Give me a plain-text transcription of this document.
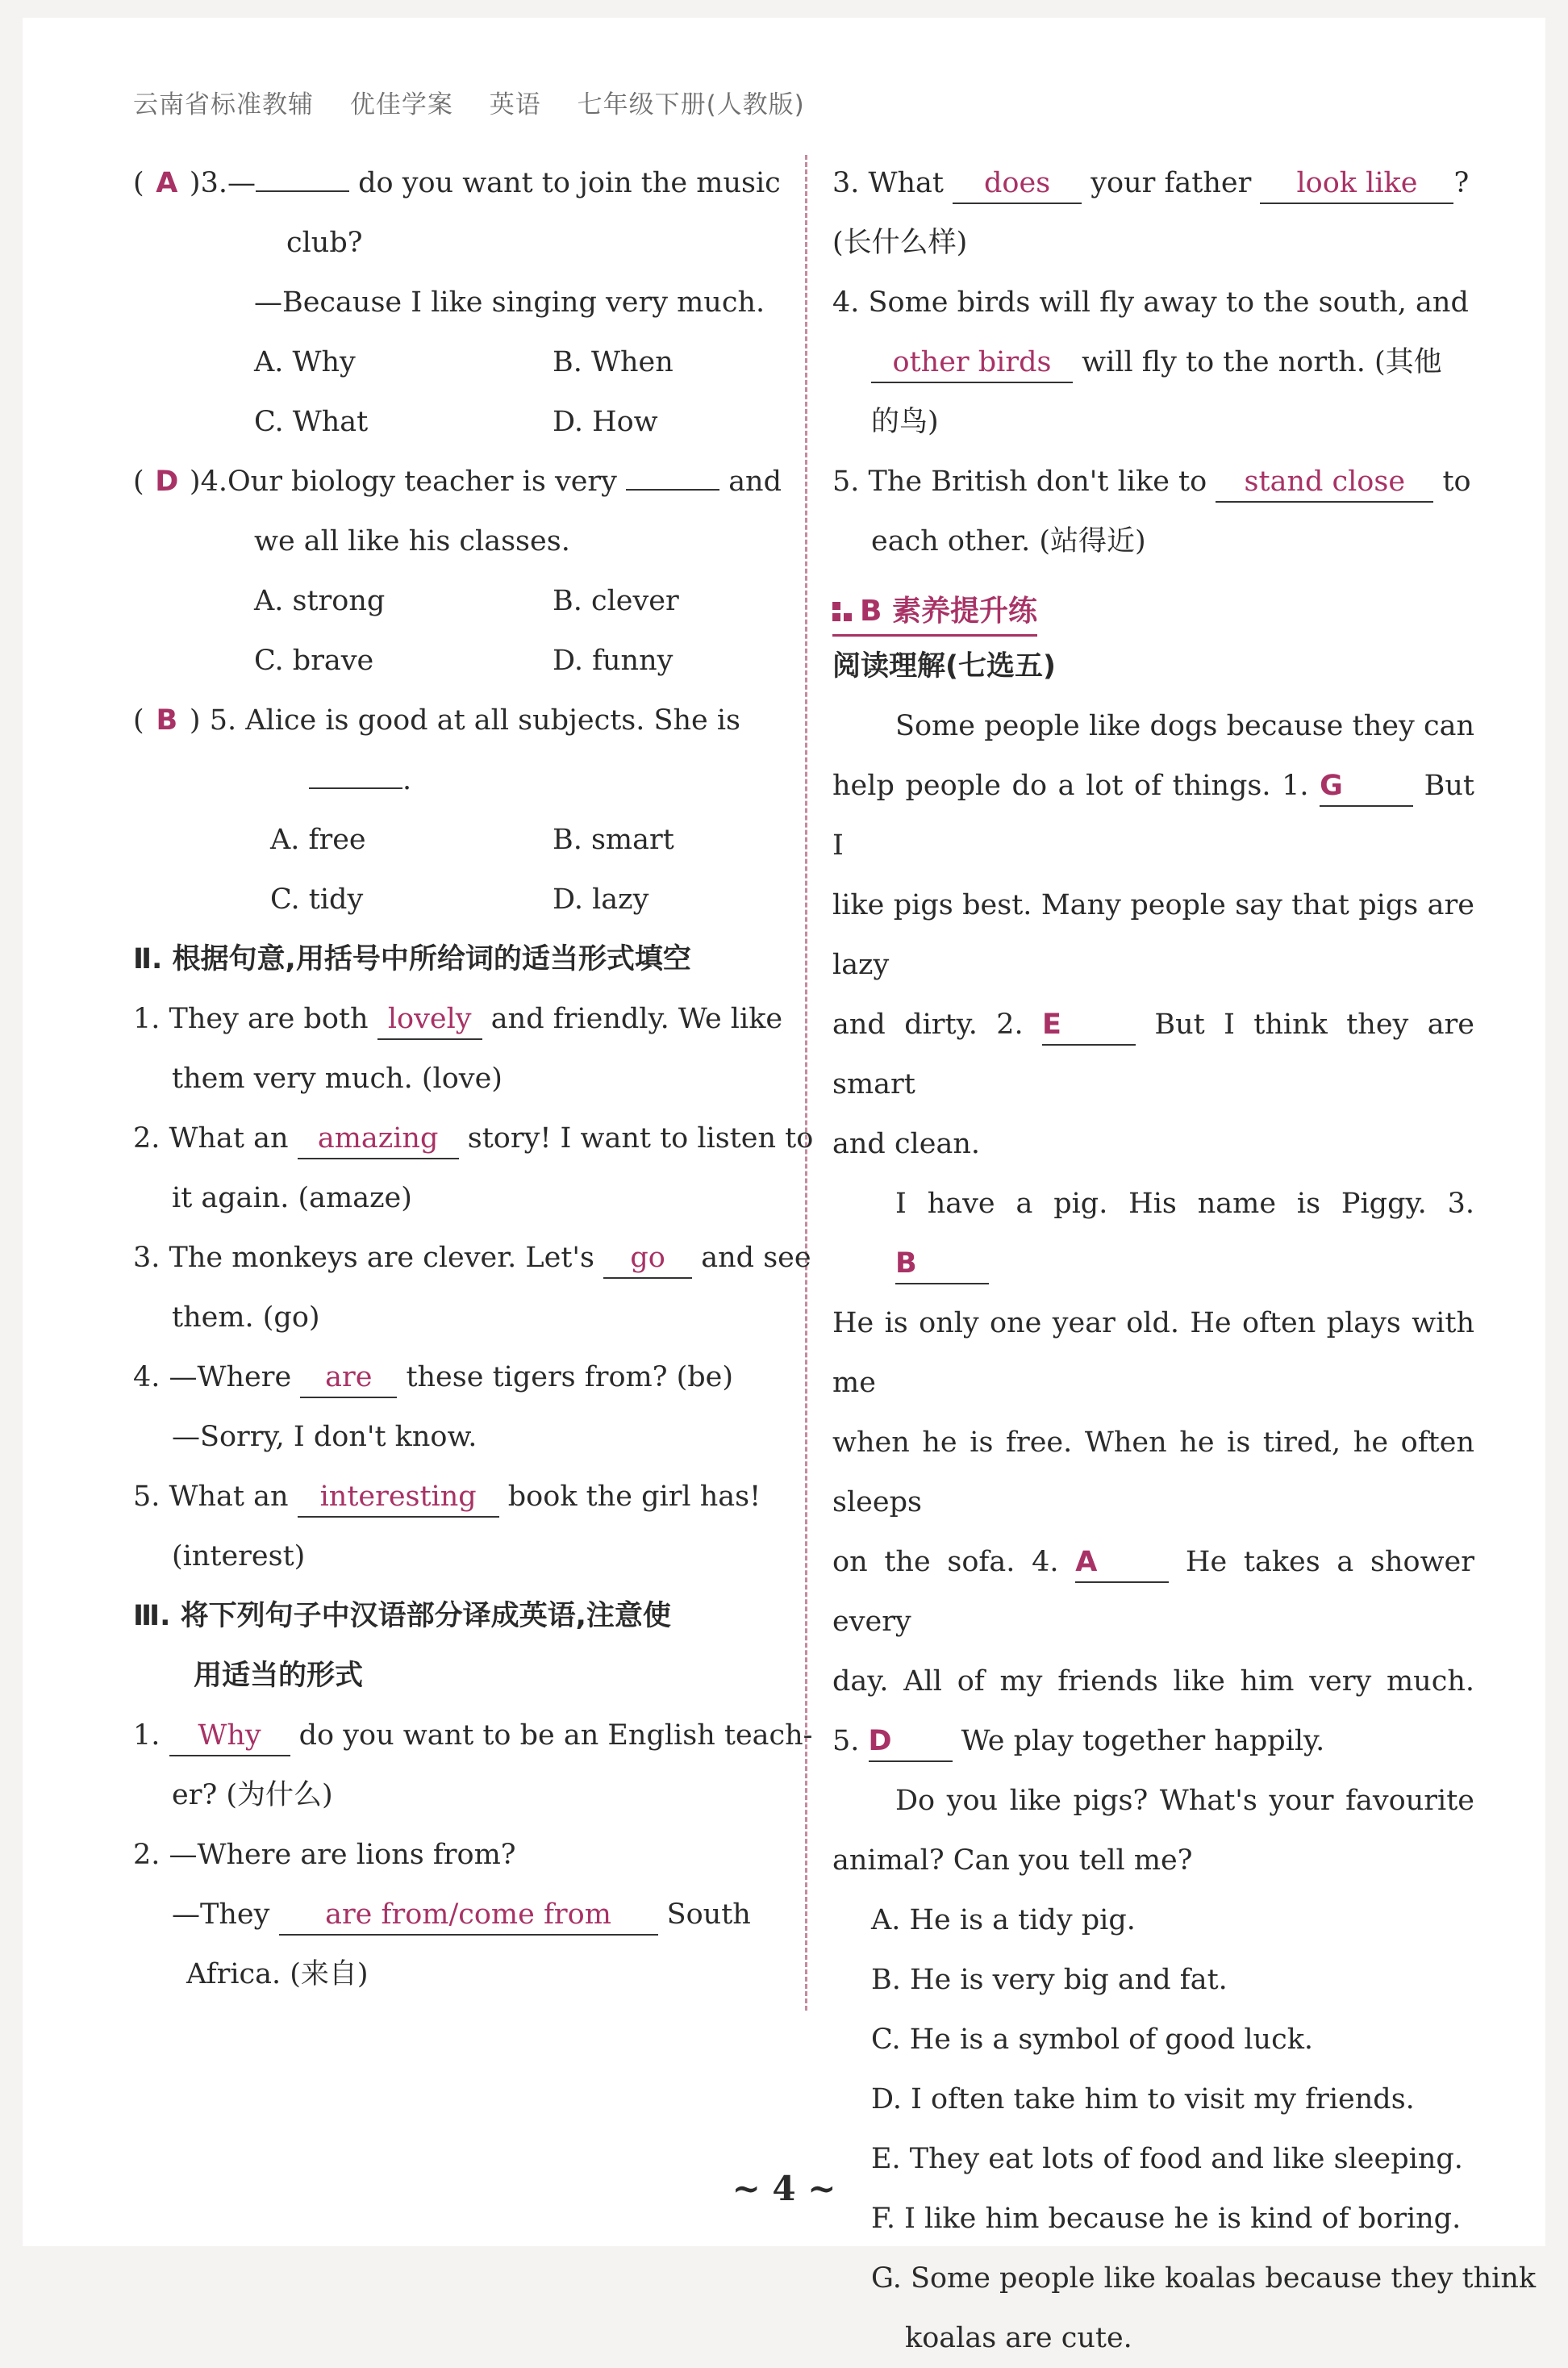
云南省标准教辅 优佳学案 英语 七年级下册(人教版)
( A )3.—	do you want to join the music
club?
—Because I like singing very much.
A. Why	B. When
C. What	D. How
( D )4.Our biology teacher is very	and
we all like his classes.
A. strong	B. clever
C. brave	D. funny
( B ) 5. Alice is good at all subjects. She is
.
A. free	B. smart
C. tidy	D. lazy
Ⅱ. 根据句意,用括号中所给词的适当形式填空
1. They are both lovely and friendly. We like
them very much. (love)
2. What an amazing story! I want to listen to
it again. (amaze)
3. The monkeys are clever. Let's go and see
them. (go)
4. —Where are these tigers from? (be)
—Sorry, I don't know.
5. What an interesting book the girl has!
(interest)
Ⅲ. 将下列句子中汉语部分译成英语,注意使
用适当的形式
1. Why do you want to be an English teach-
er? (为什么)
2. —Where are lions from?
—They are from/come from South
Africa. (来自)
3. What does your father look like ?
(长什么样)
4. Some birds will fly away to the south, and
other birds will fly to the north. (其他
的鸟)
5. The British don't like to stand close to
each other. (站得近)
B 素养提升练
阅读理解(七选五)
Some people like dogs because they can
help people do a lot of things. 1. G But I
like pigs best. Many people say that pigs are lazy
and dirty. 2. E	But I think they are smart
and clean.
I have a pig. His name is Piggy. 3. B
He is only one year old. He often plays with me
when he is free. When he is tired, he often sleeps
on the sofa. 4. A	He takes a shower every
day. All of my friends like him very much.
5. D We play together happily.
Do you like pigs? What's your favourite
animal? Can you tell me?
A. He is a tidy pig.
B. He is very big and fat.
C. He is a symbol of good luck.
D. I often take him to visit my friends.
E. They eat lots of food and like sleeping.
F. I like him because he is kind of boring.
G. Some people like koalas because they think
koalas are cute.
~ 4 ~
